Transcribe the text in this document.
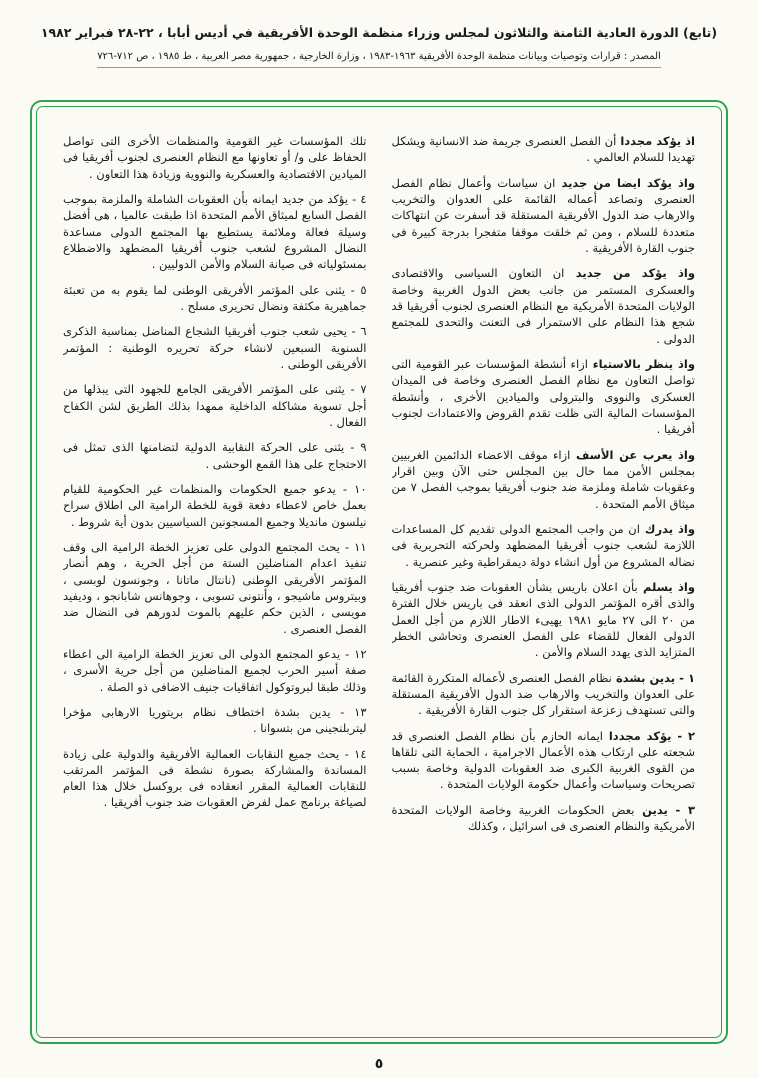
(تابع) الدورة العادية الثامنة والثلاثون لمجلس وزراء منظمة الوحدة الأفريقية في أديس أبابا ، ٢٢-٢٨ فبراير ١٩٨٢
المصدر : قرارات وتوصيات وبيانات منظمة الوحدة الأفريقية ١٩٦٣-١٩٨٣ ، وزارة الخارجية ، جمهورية مصر العربية ، ط ١٩٨٥ ، ص ٧١٢-٧٢٦

اذ يؤكد مجدداأن الفصل العنصرى جريمة ضد الانسانية ويشكل تهديدا للسلام العالمي .

واذ يؤكد ايضا من جديدان سياسات وأعمال نظام الفصل العنصرى وتصاعد أعماله القائمة على العدوان والتخريب والارهاب ضد الدول الأفريقية المستقلة قد أسفرت عن انتهاكات متعددة للسلام ، ومن ثم خلقت موقفا متفجرا بدرجة كبيرة فى جنوب القارة الأفريقية .

واذ يؤكد من جديدان التعاون السياسى والاقتصادى والعسكرى المستمر من جانب بعض الدول الغربية وخاصة الولايات المتحدة الأمريكية مع النظام العنصرى لجنوب أفريقيا قد شجع هذا النظام على الاستمرار فى التعنت والتحدى للمجتمع الدولى .

واذ ينظر بالاستياءازاء أنشطة المؤسسات عبر القومية التى تواصل التعاون مع نظام الفصل العنصرى وخاصة فى الميدان العسكرى والنووى والبترولى والميادين الأخرى ، وأنشطة المؤسسات المالية التى ظلت تقدم القروض والاعتمادات لجنوب أفريقيا .

واذ يعرب عن الأسفازاء موقف الاعضاء الدائمين الغربيين بمجلس الأمن مما حال بين المجلس حتى الآن وبين اقرار وعقوبات شاملة وملزمة ضد جنوب أفريقيا بموجب الفصل ٧ من ميثاق الأمم المتحدة .

واذ يدركان من واجب المجتمع الدولى تقديم كل المساعدات اللازمة لشعب جنوب أفريقيا المضطهد ولحركته التحريرية فى نضاله المشروع من أول انشاء دولة ديمقراطية وغير عنصرية .

واذ يسلمبأن اعلان باريس بشأن العقوبات ضد جنوب أفريقيا والذى أقره المؤتمر الدولى الذى انعقد فى باريس خلال الفترة من ٢٠ الى ٢٧ مايو ١٩٨١ يهيىء الاطار اللازم من أجل العمل الدولى الفعال للقضاء على الفصل العنصرى وتحاشى الخطر المتزايد الذى يهدد السلام والأمن .

١ - يدين بشدةنظام الفصل العنصرى لأعماله المتكررة القائمة على العدوان والتخريب والارهاب ضد الدول الأفريقية المستقلة والتى تستهدف زعزعة استقرار كل جنوب القارة الأفريقية .

٢ - يؤكد مجدداايمانه الحازم بأن نظام الفصل العنصرى قد شجعته على ارتكاب هذه الأعمال الاجرامية ، الحماية التى تلقاها من القوى الغربية الكبرى ضد العقوبات الدولية وخاصة بسبب تصريحات وسياسات وأعمال حكومة الولايات المتحدة .

٣ - يدينبعض الحكومات الغربية وخاصة الولايات المتحدة الأمريكية والنظام العنصرى فى اسرائيل ، وكذلك

تلك المؤسسات غير القومية والمنظمات الأخرى التى تواصل الحفاظ على و/ أو تعاونها مع النظام العنصرى لجنوب أفريقيا فى الميادين الاقتصادية والعسكرية والنووية وزيادة هذا التعاون .

٤ - يؤكد من جديد ايمانه بأن العقوبات الشاملة والملزمة بموجب الفصل السابع لميثاق الأمم المتحدة اذا طبقت عالميا ، هى أفضل وسيلة فعالة وملائمة يستطيع بها المجتمع الدولى مساعدة النضال المشروع لشعب جنوب أفريقيا المضطهد والاضطلاع بمسئولياته فى صيانة السلام والأمن الدوليين .

٥ - يثنى على المؤتمر الأفريقى الوطنى لما يقوم به من تعبئة جماهيرية مكثفة ونضال تحريرى مسلح .

٦ - يحيى شعب جنوب أفريقيا الشجاع المناضل بمناسبة الذكرى السنوية السبعين لانشاء حركة تحريره الوطنية : المؤتمر الأفريقى الوطنى .

٧ - يثنى على المؤتمر الأفريقى الجامع للجهود التى يبذلها من أجل تسوية مشاكله الداخلية ممهدا بذلك الطريق لشن الكفاح الفعال .

٩ - يثنى على الحركة النقابية الدولية لتضامنها الذى تمثل فى الاحتجاج على هذا القمع الوحشى .

١٠ - يدعو جميع الحكومات والمنظمات غير الحكومية للقيام بعمل خاص لاعطاء دفعة قوية للخطة الرامية الى اطلاق سراح نيلسون مانديلا وجميع المسجونين السياسيين بدون أية شروط .

١١ - يحث المجتمع الدولى على تعزيز الخطة الرامية الى وقف تنفيذ اعدام المناضلين الستة من أجل الحرية ، وهم أنصار المؤتمر الأفريقى الوطنى (نانتال ماتانا ، وجونسون لوبسى ، وبيتروس ماشيجو ، وأنتونى تسوبى ، وجوهانس شابانجو ، وديفيد مويسى ، الذين حكم عليهم بالموت لدورهم فى النضال ضد الفصل العنصرى .

١٢ - يدعو المجتمع الدولى الى تعزيز الخطة الرامية الى اعطاء صفة أسير الحرب لجميع المناضلين من أجل حرية الأسرى ، وذلك طبقا لبروتوكول اتفاقيات جنيف الاضافى ذو الصلة .

١٣ - يدين بشدة اختطاف نظام بريتوريا الارهابى مؤخرا ليتربلنجينى من بتسوانا .

١٤ - يحث جميع النقابات العمالية الأفريقية والدولية على زيادة المساندة والمشاركة بصورة نشطة فى المؤتمر المرتقب للنقابات العمالية المقرر انعقاده فى بروكسل خلال هذا العام لصياغة برنامج عمل لفرض العقوبات ضد جنوب أفريقيا .

٥
